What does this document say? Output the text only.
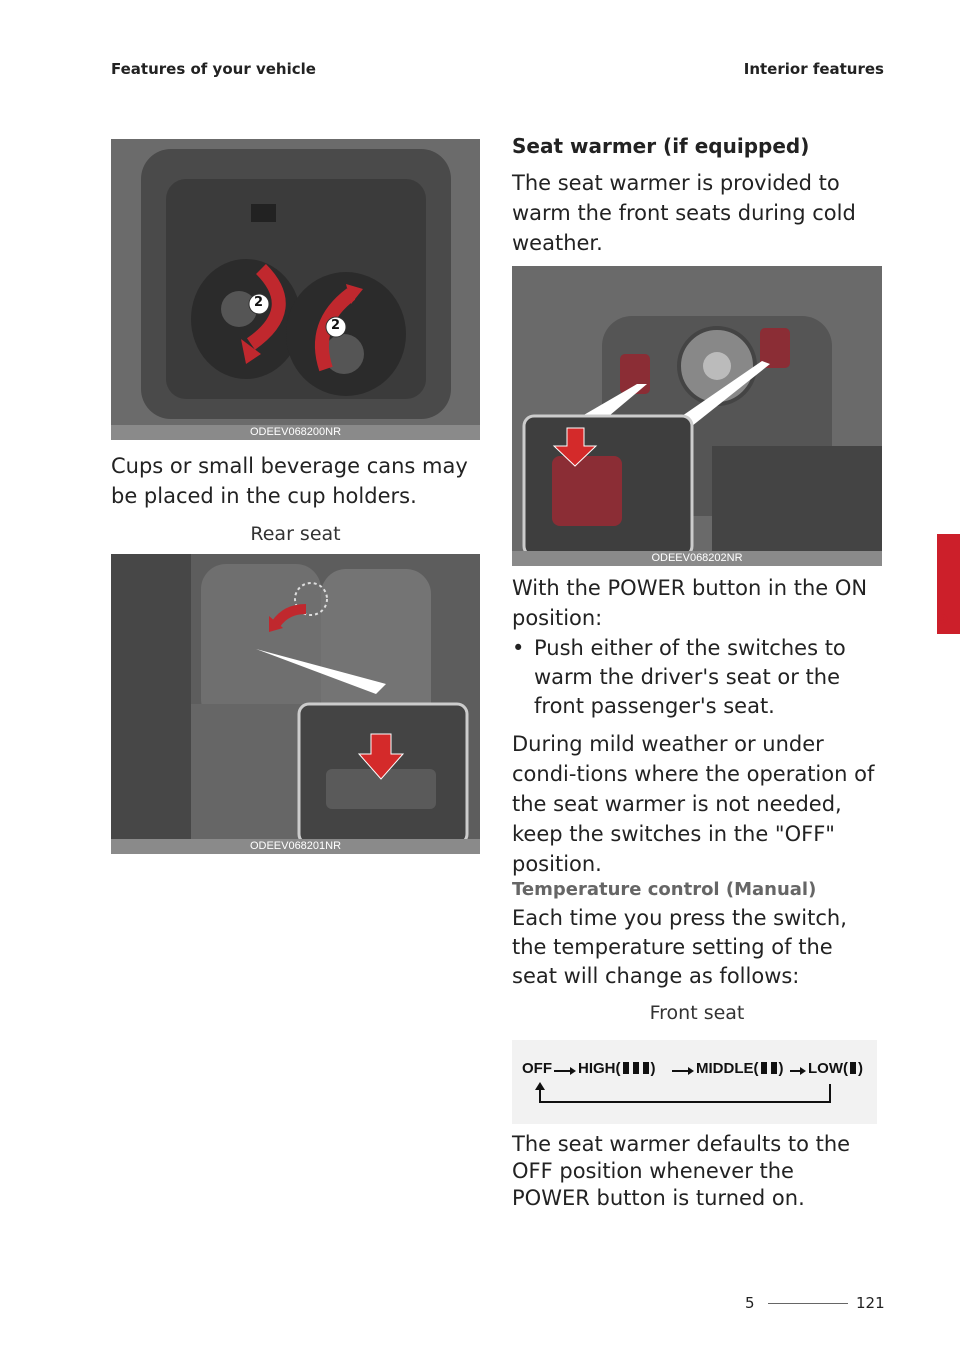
Features of your vehicle	Interior features
2
2
ODEEV068200NR
Cups or small beverage cans may be placed in the cup holders.
Rear seat
ODEEV068201NR
Seat warmer (if equipped)
The seat warmer is provided to warm the front seats during cold weather.
ODEEV068202NR
With the POWER button in the ON position:
• Push either of the switches to warm the driver's seat or the front passenger's seat.
During mild weather or under condi-tions where the operation of the seat warmer is not needed, keep the switches in the "OFF" position.
Temperature control (Manual)
Each time you press the switch, the temperature setting of the seat will change as follows:
Front seat
OFF HIGH( )	MIDDLE( ) LOW( )
The seat warmer defaults to the OFF position whenever the POWER button is turned on.
5
5	121
